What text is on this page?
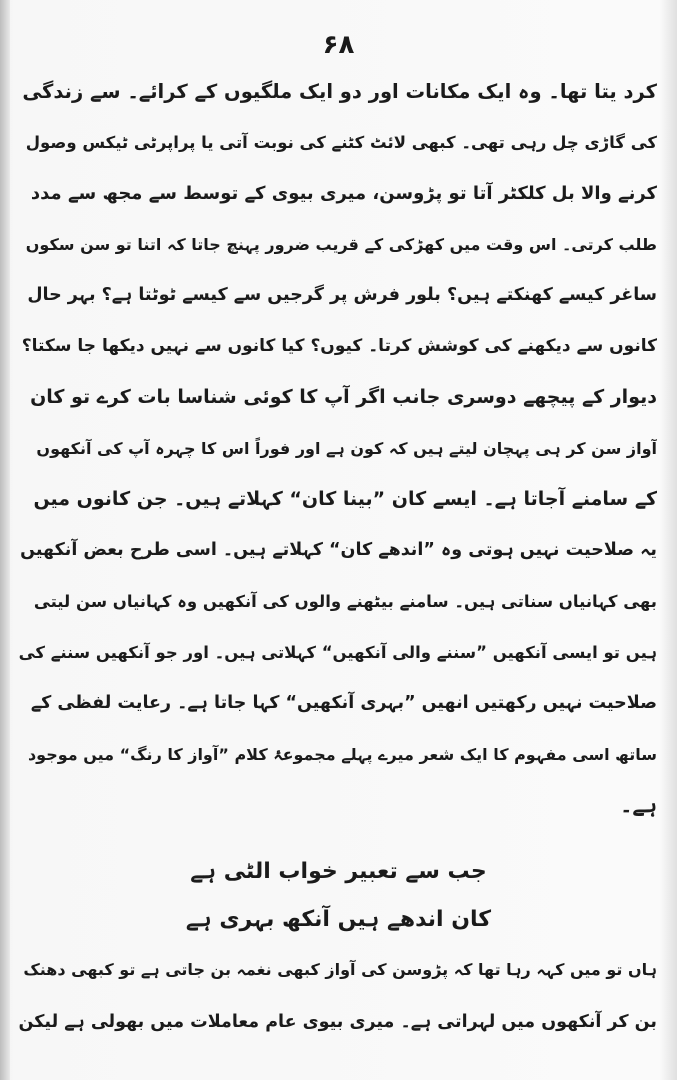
۶۸
کرد یتا تھا۔ وہ ایک مکانات اور دو ایک ملگیوں کے کرائے۔ سے زندگی
کی گاڑی چل رہی تھی۔ کبھی لائٹ کٹنے کی نوبت آتی یا پراپرٹی ٹیکس وصول
کرنے والا بل کلکٹر آتا تو پڑوسن، میری بیوی کے توسط سے مجھ سے مدد
طلب کرتی۔ اس وقت میں کھڑکی کے قریب ضرور پہنچ جاتا کہ اتنا تو سن سکوں
ساغر کیسے کھنکتے ہیں؟ بلور فرش پر گرجیں سے کیسے ٹوٹتا ہے؟ بہر حال
کانوں سے دیکھنے کی کوشش کرتا۔ کیوں؟ کیا کانوں سے نہیں دیکھا جا سکتا؟
دیوار کے پیچھے دوسری جانب اگر آپ کا کوئی شناسا بات کرے تو کان
آواز سن کر ہی پہچان لیتے ہیں کہ کون ہے اور فوراً اس کا چہرہ آپ کی آنکھوں
کے سامنے آجاتا ہے۔ ایسے کان ”بینا کان“ کہلاتے ہیں۔ جن کانوں میں
یہ صلاحیت نہیں ہوتی وہ ”اندھے کان“ کہلاتے ہیں۔ اسی طرح بعض آنکھیں
بھی کہانیاں سناتی ہیں۔ سامنے بیٹھنے والوں کی آنکھیں وہ کہانیاں سن لیتی
ہیں تو ایسی آنکھیں ”سننے والی آنکھیں“ کہلاتی ہیں۔ اور جو آنکھیں سننے کی
صلاحیت نہیں رکھتیں انھیں ”بہری آنکھیں“ کہا جاتا ہے۔ رعایت لفظی کے
ساتھ اسی مفہوم کا ایک شعر میرے پہلے مجموعۂ کلام ”آواز کا رنگ“ میں موجود
ہے۔
جب سے تعبیر خواب الٹی ہے
کان اندھے ہیں آنکھ بہری ہے
ہاں تو میں کہہ رہا تھا کہ پڑوسن کی آواز کبھی نغمہ بن جاتی ہے تو کبھی دھنک
بن کر آنکھوں میں لہراتی ہے۔ میری بیوی عام معاملات میں بھولی ہے لیکن
